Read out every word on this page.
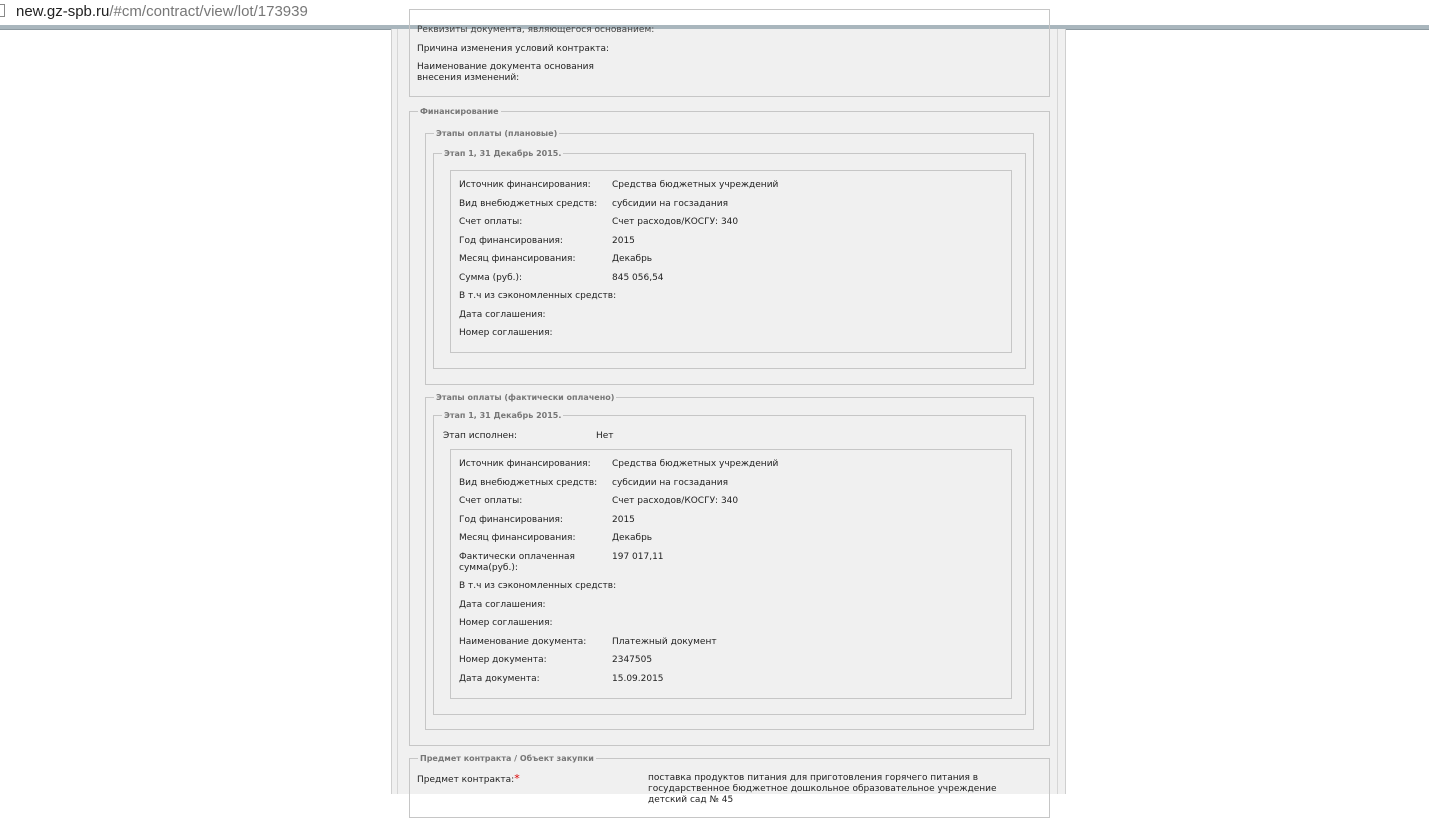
new.gz-spb.ru/#cm/contract/view/lot/173939
Реквизиты документа, являющегося основанием:
Причина изменения условий контракта:
Наименование документа основания внесения изменений:
Финансирование
Этапы оплаты (плановые)
Этап 1, 31 Декабрь 2015.
Источник финансирования: Средства бюджетных учреждений
Вид внебюджетных средств: субсидии на госзадания
Счет оплаты:	Счет расходов/КОСГУ: 340
Год финансирования:	2015
Месяц финансирования:	Декабрь
Сумма (руб.):	845 056,54
В т.ч из сэкономленных средств:
Дата соглашения:
Номер соглашения:
Этапы оплаты (фактически оплачено)
Этап 1, 31 Декабрь 2015.
Этап исполнен:	Нет
Источник финансирования: Средства бюджетных учреждений
Вид внебюджетных средств: субсидии на госзадания
Счет оплаты:	Счет расходов/КОСГУ: 340
Год финансирования:	2015
Месяц финансирования:	Декабрь
Фактически оплаченная сумма(руб.):
197 017,11
В т.ч из сэкономленных средств:
Дата соглашения:
Номер соглашения:
Наименование документа:	Платежный документ
Номер документа:	2347505
Дата документа:	15.09.2015
Предмет контракта / Объект закупки
Предмет контракта:*	поставка продуктов питания для приготовления горячего питания в государственное бюджетное дошкольное образовательное учреждение детский сад № 45
